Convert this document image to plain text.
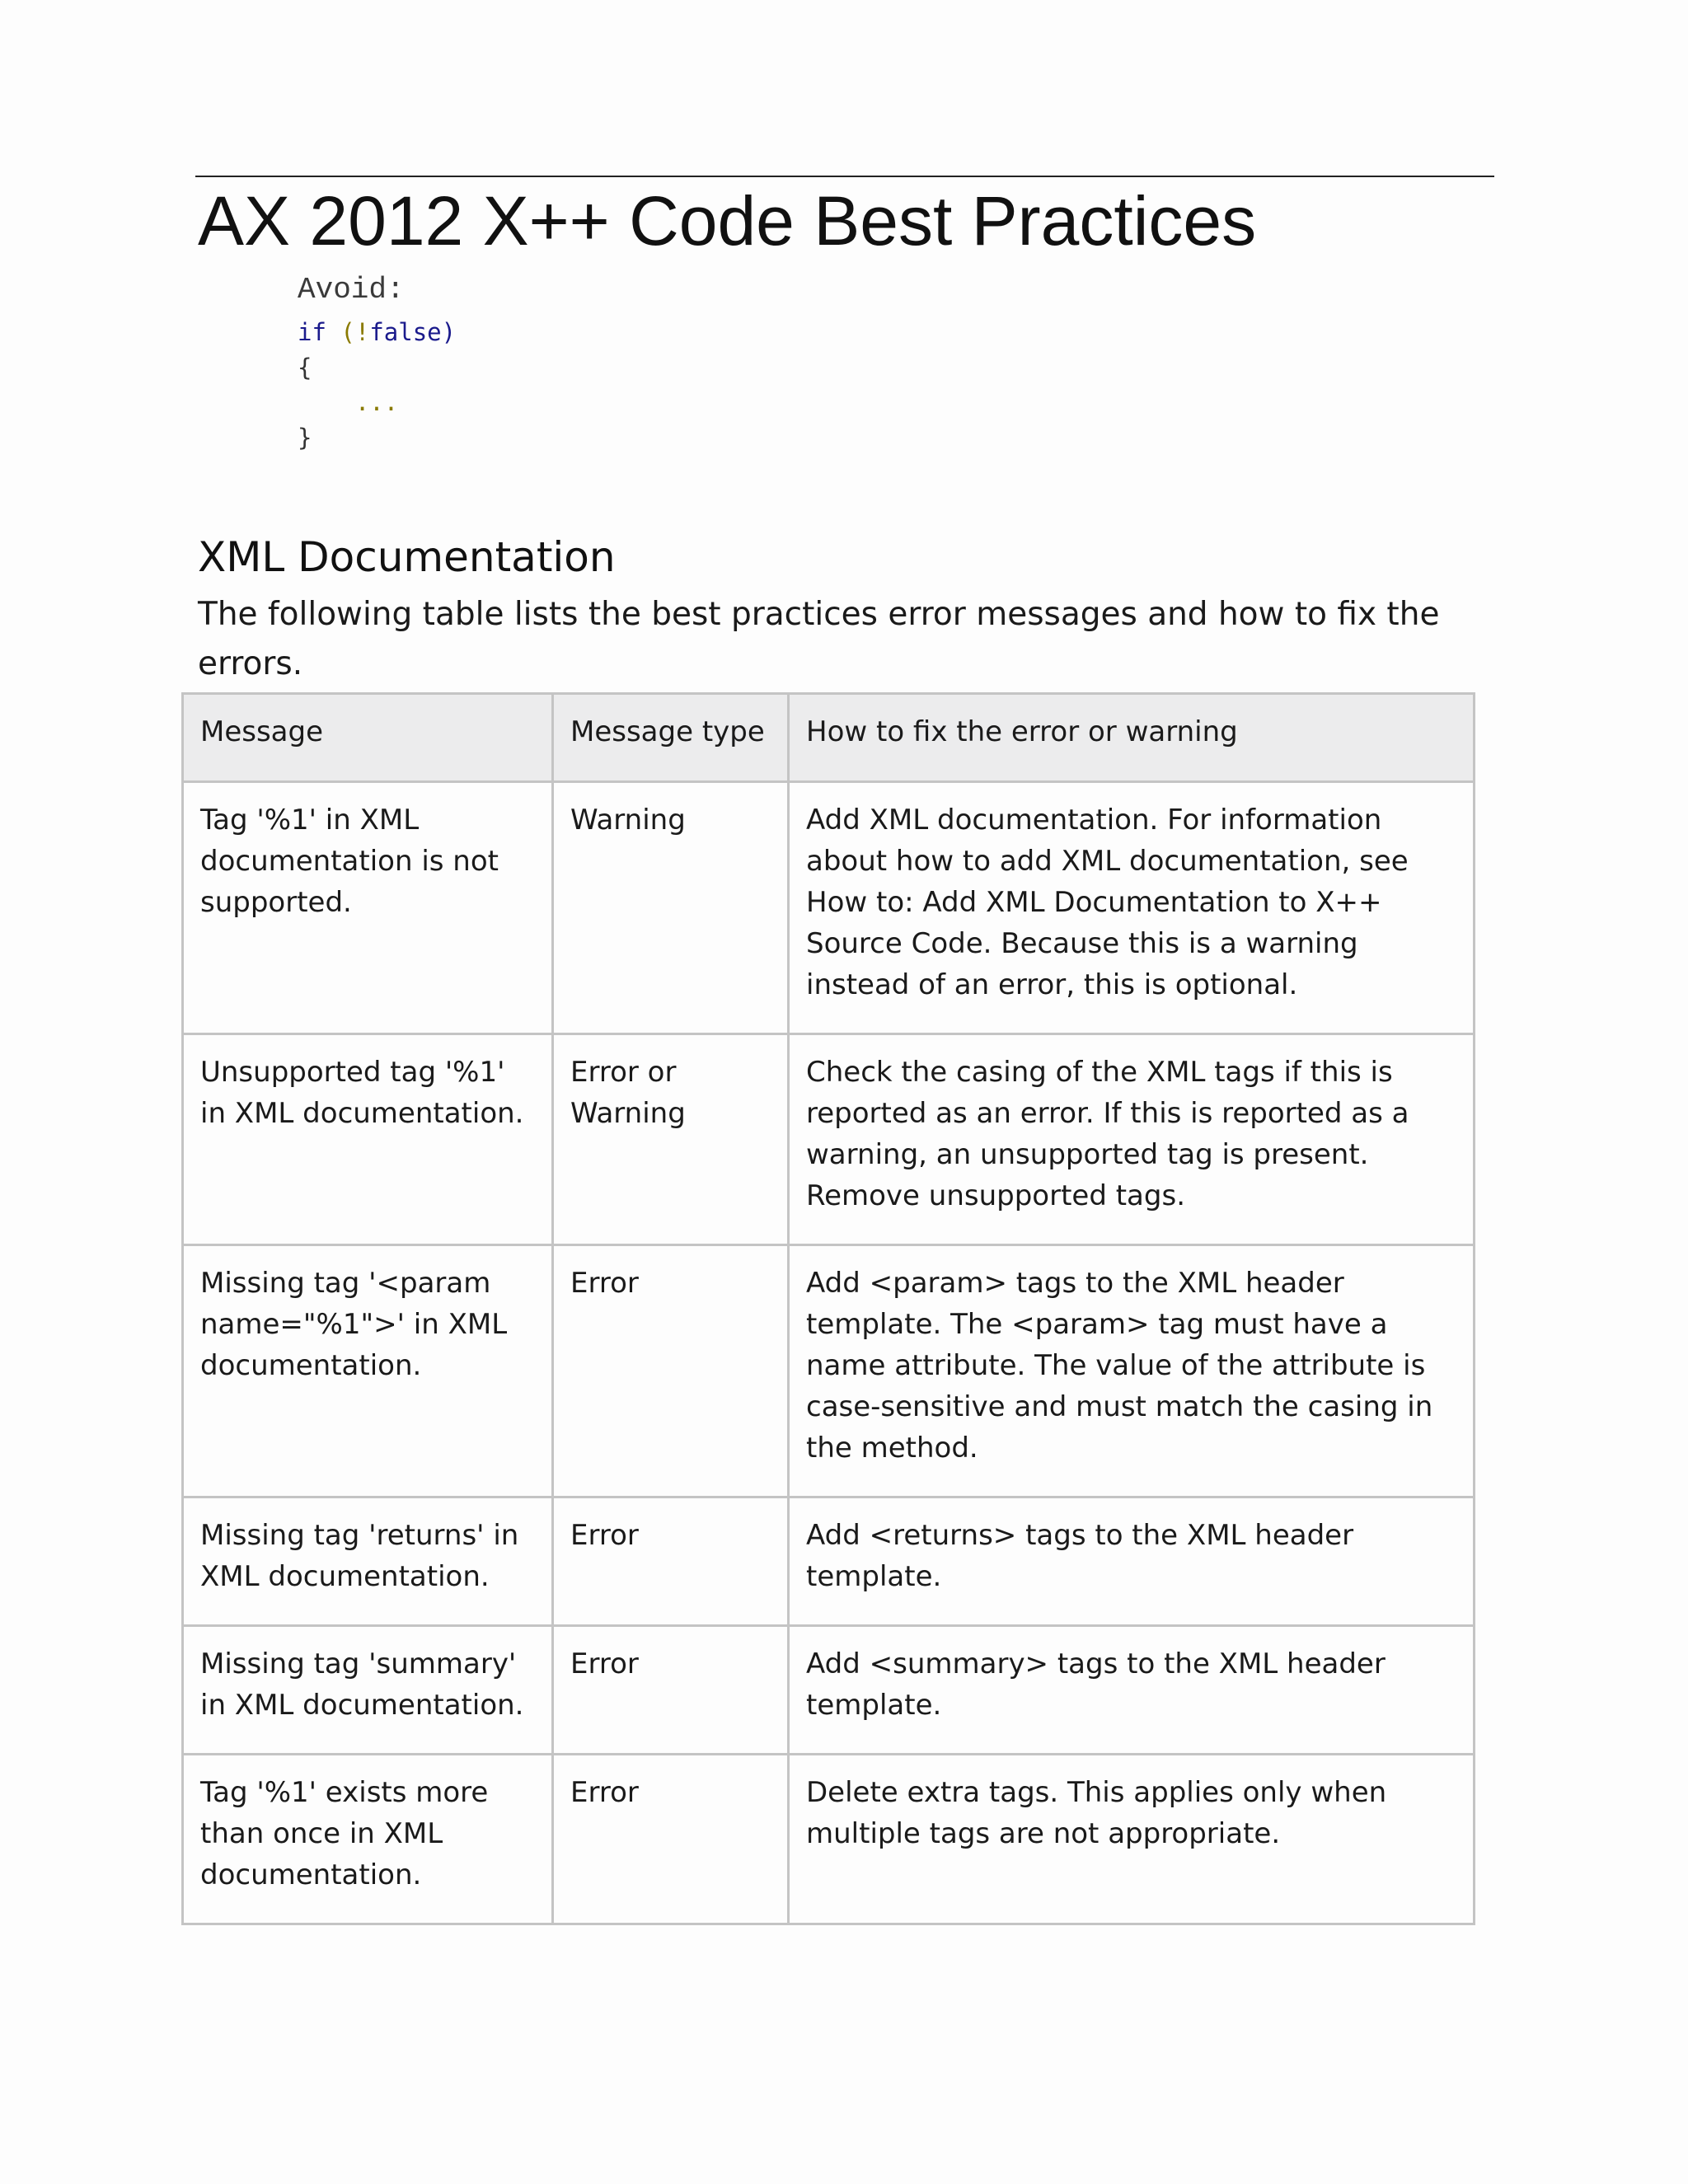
AX 2012 X++ Code Best Practices
Avoid:
if (!false)
{
...
}
XML Documentation

The following table lists the best practices error messages and how to fix the errors.

Message	Message type	How to fix the error or warning
Tag '%1' in XML documentation is not supported.	Warning	Add XML documentation. For information about how to add XML documentation, see How to: Add XML Documentation to X++ Source Code. Because this is a warning instead of an error, this is optional.
Unsupported tag '%1' in XML documentation.	Error or Warning	Check the casing of the XML tags if this is reported as an error. If this is reported as a warning, an unsupported tag is present. Remove unsupported tags.
Missing tag '<param name="%1">' in XML documentation.	Error	Add <param> tags to the XML header template. The <param> tag must have a name attribute. The value of the attribute is case-sensitive and must match the casing in the method.
Missing tag 'returns' in XML documentation.	Error	Add <returns> tags to the XML header template.
Missing tag 'summary' in XML documentation.	Error	Add <summary> tags to the XML header template.
Tag '%1' exists more than once in XML documentation.	Error	Delete extra tags. This applies only when multiple tags are not appropriate.
